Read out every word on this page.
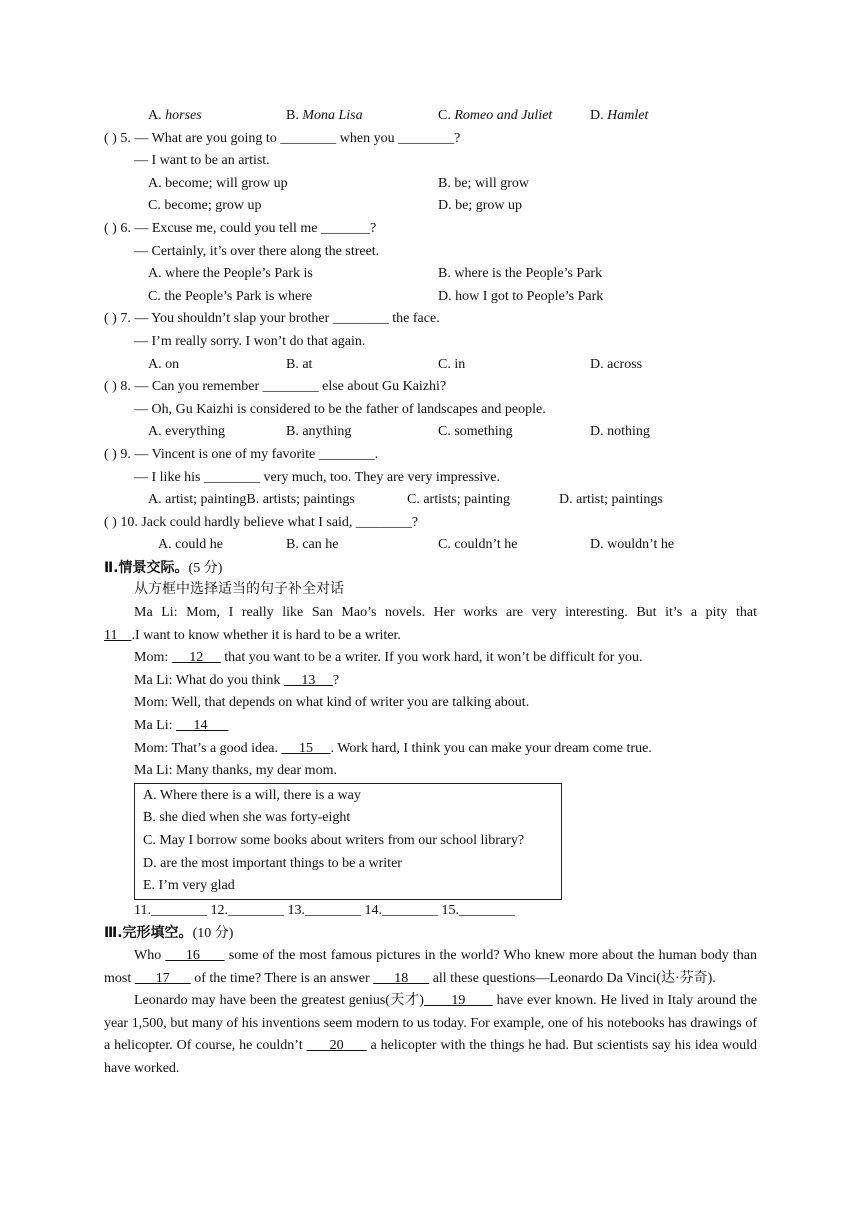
A. horses	B. Mona Lisa	C. Romeo and Juliet	D. Hamlet
( ) 5. — What are you going to ________ when you ________?
— I want to be an artist.
A. become; will grow up	B. be; will grow
C. become; grow up	D. be; grow up
( ) 6. — Excuse me, could you tell me _______?
— Certainly, it’s over there along the street.
A. where the People’s Park is	B. where is the People’s Park
C. the People’s Park is where	D. how I got to People’s Park
( ) 7. — You shouldn’t slap your brother ________ the face.
— I’m really sorry. I won’t do that again.
A. on	B. at	C. in	D. across
( ) 8. — Can you remember ________ else about Gu Kaizhi?
— Oh, Gu Kaizhi is considered to be the father of landscapes and people.
A. everything	B. anything	C. something	D. nothing
( ) 9. — Vincent is one of my favorite ________.
— I like his ________ very much, too. They are very impressive.
A. artist; paintingB. artists; paintings	C. artists; painting	D. artist; paintings
( ) 10. Jack could hardly believe what I said, ________?
A. could he	B. can he	C. couldn’t he	D. wouldn’t he
Ⅱ.情景交际。(5 分)
从方框中选择适当的句子补全对话
Ma Li: Mom, I really like San Mao’s novels. Her works are very interesting. But it’s a pity that
11    .I want to know whether it is hard to be a writer.
Mom:      12      that you want to be a writer. If you work hard, it won’t be difficult for you.
Ma Li: What do you think      13     ?
Mom: Well, that depends on what kind of writer you are talking about.
Ma Li:      14
Mom: That’s a good idea.      15     . Work hard, I think you can make your dream come true.
Ma Li: Many thanks, my dear mom.
A. Where there is a will, there is a way
B. she died when she was forty-eight
C. May I borrow some books about writers from our school library?
D. are the most important things to be a writer
E. I’m very glad
11.________ 12.________ 13.________ 14.________ 15.________
Ⅲ.完形填空。(10 分)
Who      16       some of the most famous pictures in the world? Who knew more about the human body than most       17       of the time? There is an answer       18       all these questions—Leonardo Da Vinci(达·芬奇).
Leonardo may have been the greatest genius(天才)       19        have ever known. He lived in Italy around the year 1,500, but many of his inventions seem modern to us today. For example, one of his notebooks has drawings of a helicopter. Of course, he couldn’t       20       a helicopter with the things he had. But scientists say his idea would have worked.
